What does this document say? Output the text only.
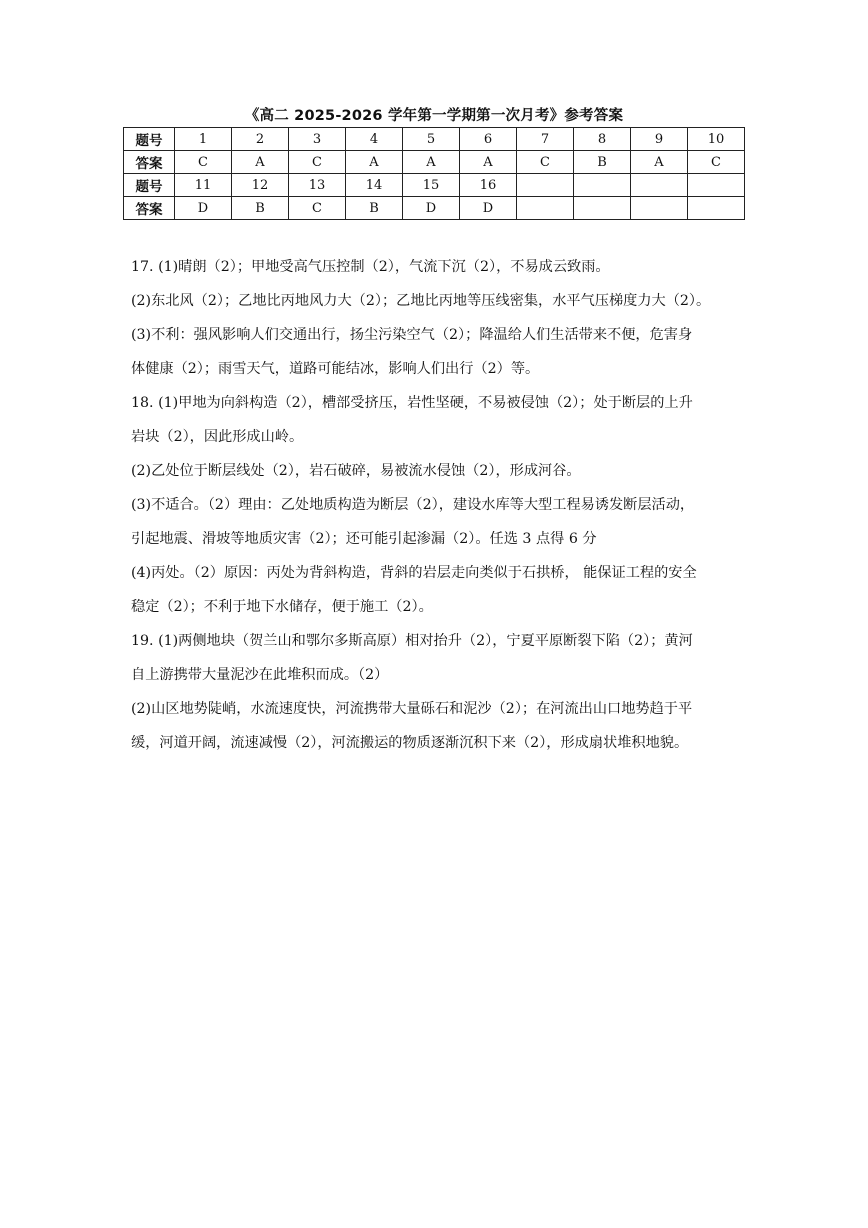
《高二 2025-2026 学年第一学期第一次月考》参考答案
题号	1	2	3	4	5	6	7	8	9	10
答案	C	A	C	A	A	A	C	B	A	C
题号	11	12	13	14	15	16				
答案	D	B	C	B	D	D				

17. (1)晴朗（2）；甲地受高气压控制（2），气流下沉（2），不易成云致雨。

(2)东北风（2）；乙地比丙地风力大（2）；乙地比丙地等压线密集，水平气压梯度力大（2）。

(3)不利：强风影响人们交通出行，扬尘污染空气（2）；降温给人们生活带来不便，危害身

体健康（2）；雨雪天气，道路可能结冰，影响人们出行（2）等。

18. (1)甲地为向斜构造（2），槽部受挤压，岩性坚硬，不易被侵蚀（2）；处于断层的上升

岩块（2），因此形成山岭。

(2)乙处位于断层线处（2），岩石破碎，易被流水侵蚀（2），形成河谷。

(3)不适合。（2）理由：乙处地质构造为断层（2），建设水库等大型工程易诱发断层活动，

引起地震、滑坡等地质灾害（2）；还可能引起渗漏（2）。任选 3 点得 6 分

(4)丙处。（2）原因：丙处为背斜构造，背斜的岩层走向类似于石拱桥， 能保证工程的安全

稳定（2）；不利于地下水储存，便于施工（2）。

19. (1)两侧地块（贺兰山和鄂尔多斯高原）相对抬升（2），宁夏平原断裂下陷（2）；黄河

自上游携带大量泥沙在此堆积而成。（2）

(2)山区地势陡峭，水流速度快，河流携带大量砾石和泥沙（2）；在河流出山口地势趋于平

缓，河道开阔，流速减慢（2），河流搬运的物质逐渐沉积下来（2），形成扇状堆积地貌。
